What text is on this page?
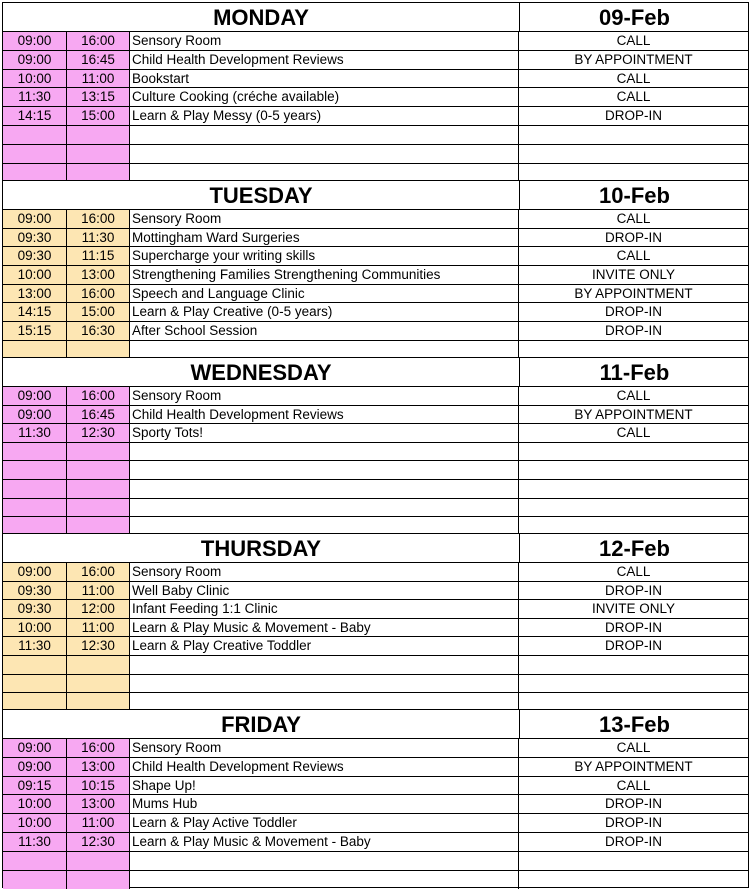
MONDAY	09-Feb
09:00	16:00	Sensory Room	CALL
09:00	16:45	Child Health Development Reviews	BY APPOINTMENT
10:00	11:00	Bookstart	CALL
11:30	13:15	Culture Cooking (créche available)	CALL
14:15	15:00	Learn & Play Messy (0-5 years)	DROP-IN
TUESDAY	10-Feb
09:00	16:00	Sensory Room	CALL
09:30	11:30	Mottingham Ward Surgeries	DROP-IN
09:30	11:15	Supercharge your writing skills	CALL
10:00	13:00	Strengthening Families Strengthening Communities	INVITE ONLY
13:00	16:00	Speech and Language Clinic	BY APPOINTMENT
14:15	15:00	Learn & Play Creative (0-5 years)	DROP-IN
15:15	16:30	After School Session	DROP-IN
WEDNESDAY	11-Feb
09:00	16:00	Sensory Room	CALL
09:00	16:45	Child Health Development Reviews	BY APPOINTMENT
11:30	12:30	Sporty Tots!	CALL
THURSDAY	12-Feb
09:00	16:00	Sensory Room	CALL
09:30	11:00	Well Baby Clinic	DROP-IN
09:30	12:00	Infant Feeding 1:1 Clinic	INVITE ONLY
10:00	11:00	Learn & Play Music & Movement - Baby	DROP-IN
11:30	12:30	Learn & Play Creative Toddler	DROP-IN
FRIDAY	13-Feb
09:00	16:00	Sensory Room	CALL
09:00	13:00	Child Health Development Reviews	BY APPOINTMENT
09:15	10:15	Shape Up!	CALL
10:00	13:00	Mums Hub	DROP-IN
10:00	11:00	Learn & Play Active Toddler	DROP-IN
11:30	12:30	Learn & Play Music & Movement - Baby	DROP-IN
